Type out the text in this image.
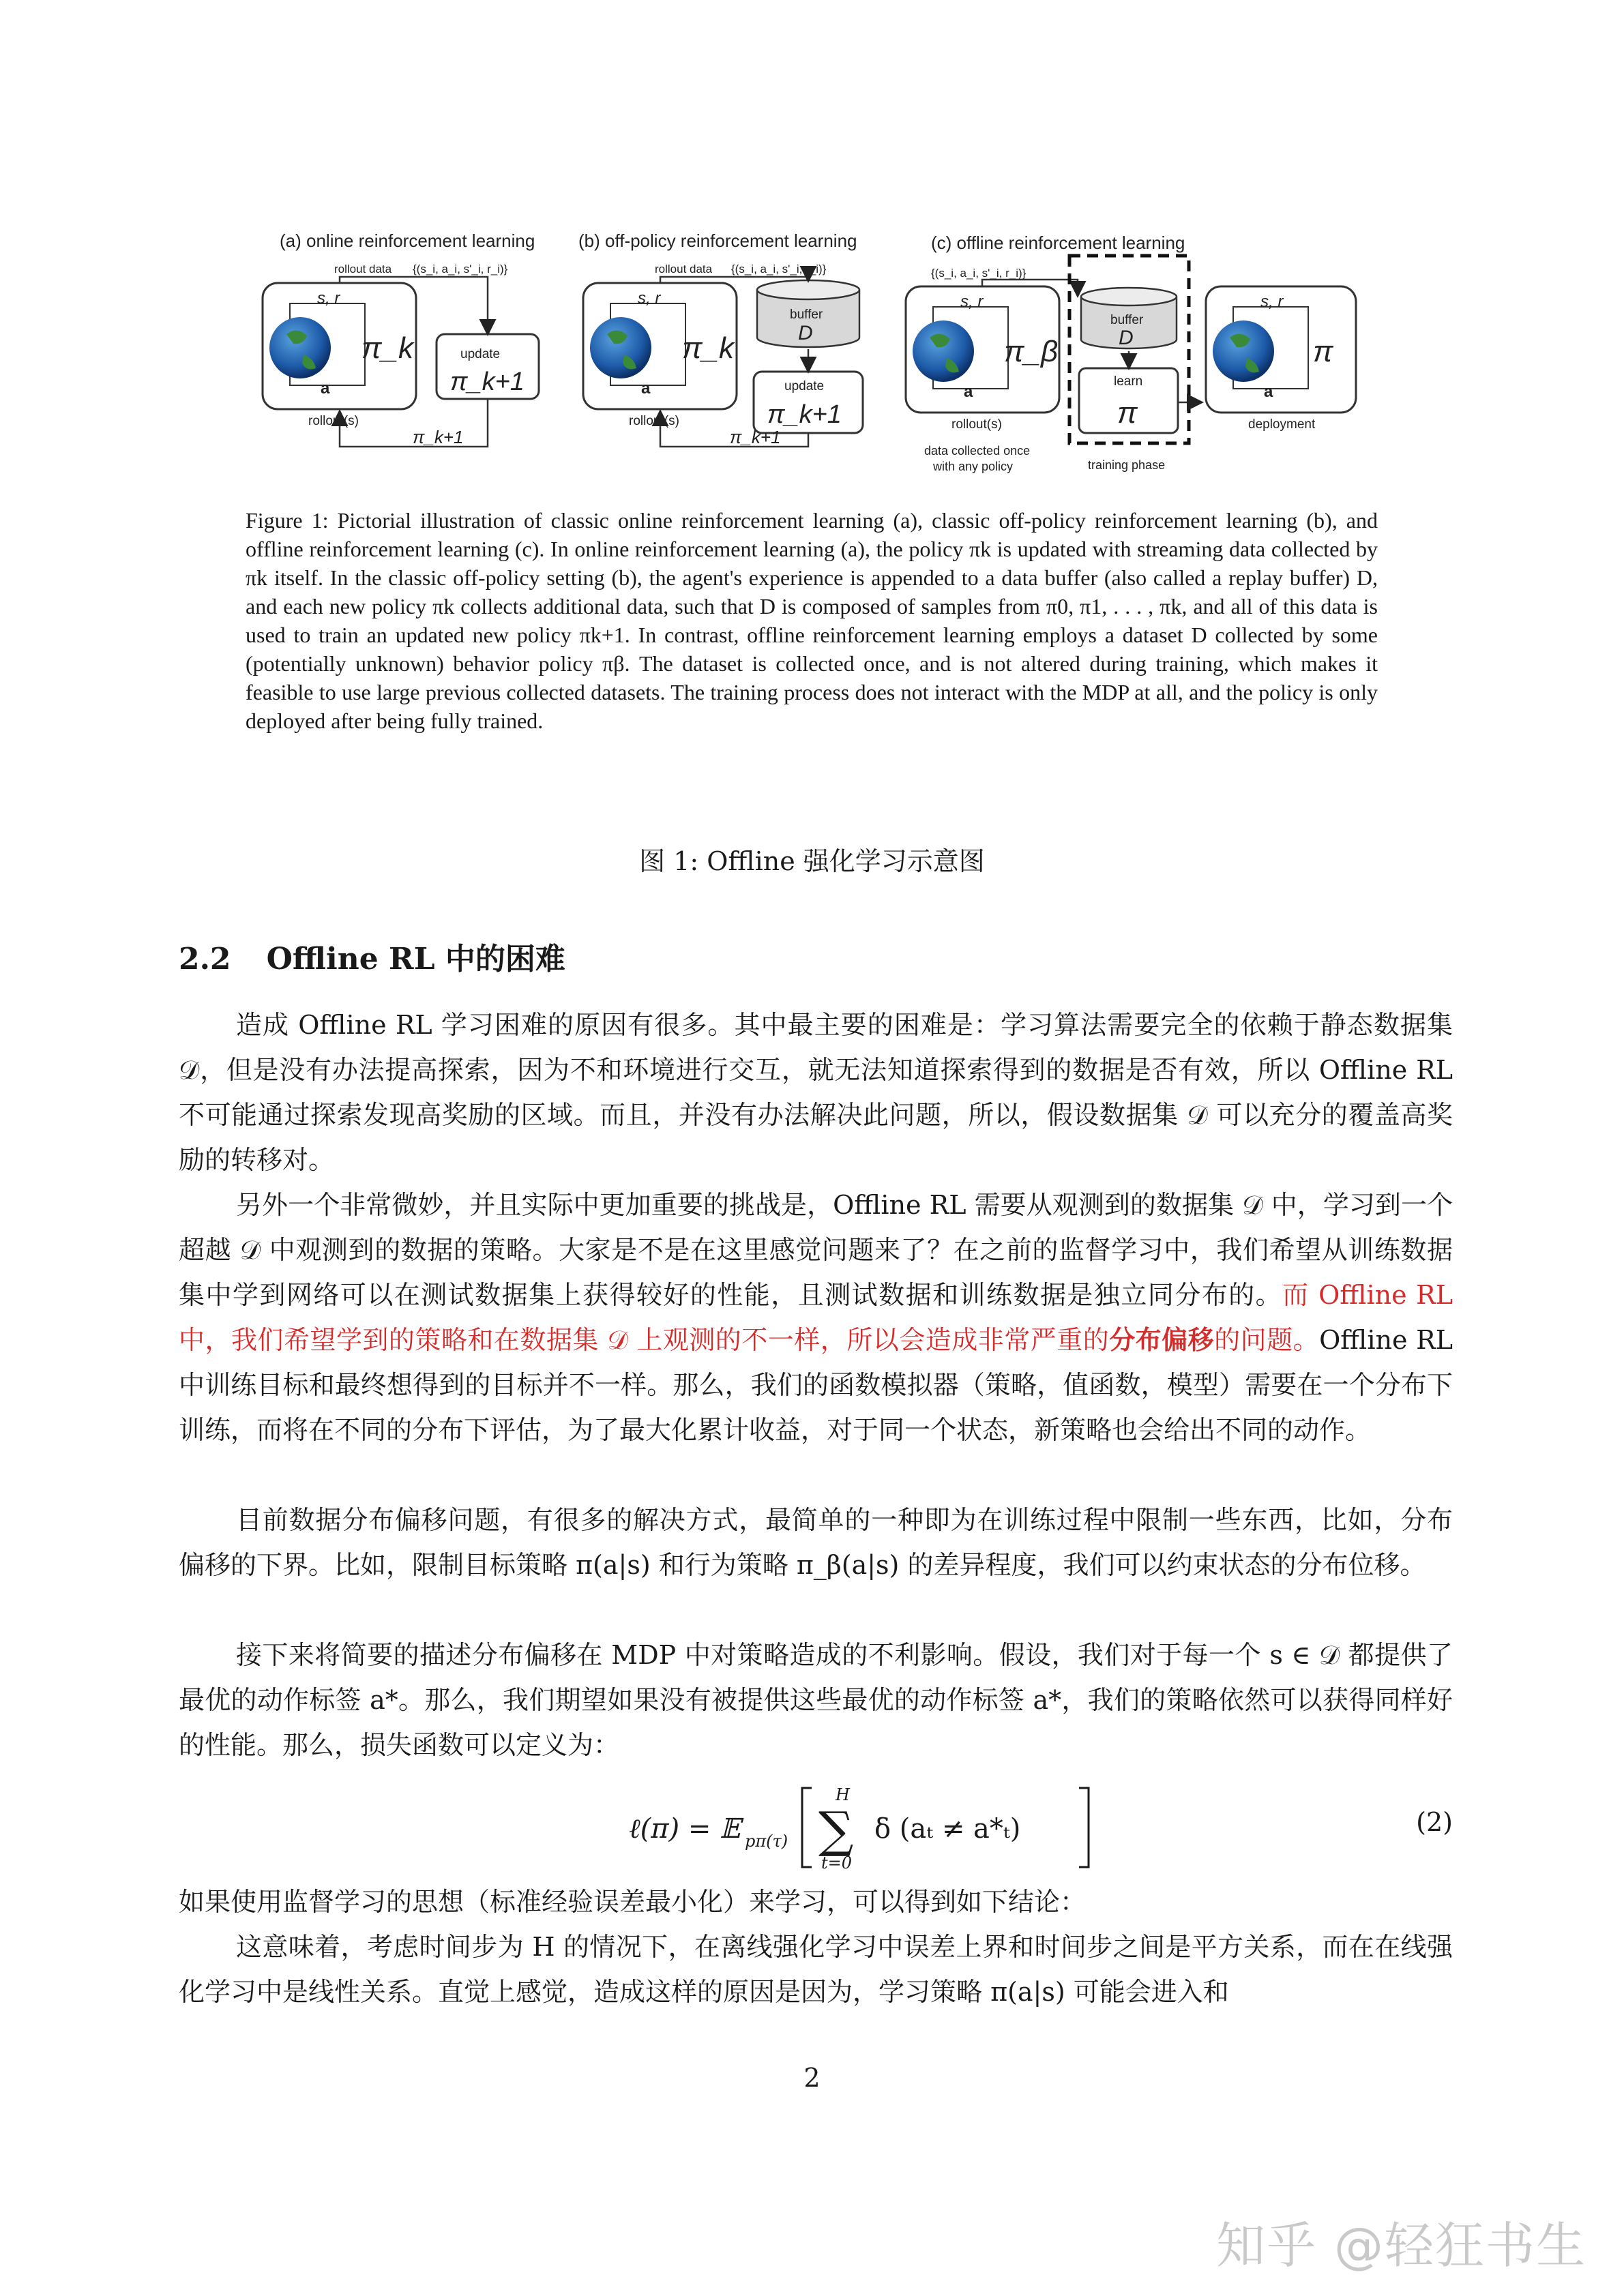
(a) online reinforcement learning
rollout data {(s_i, a_i, s'_i, r_i)}
s, r
a
π_k
rollout(s)
update
π_k+1
π_k+1
(b) off-policy reinforcement learning
rollout data {(s_i, a_i, s'_i, r_i)}
s, r
a
π_k
rollout(s)
buffer
D
update
π_k+1
π_k+1
(c) offline reinforcement learning
{(s_i, a_i, s'_i, r_i)}
s, r
a
π_β
rollout(s)
data collected once
with any policy
buffer
D
learn
π
training phase
s, r
a
π
deployment
Figure 1: Pictorial illustration of classic online reinforcement learning (a), classic off-policy reinforcement learning (b), and offline reinforcement learning (c). In online reinforcement learning (a), the policy πk is updated with streaming data collected by πk itself. In the classic off-policy setting (b), the agent's experience is appended to a data buffer (also called a replay buffer) D, and each new policy πk collects additional data, such that D is composed of samples from π0, π1, . . . , πk, and all of this data is used to train an updated new policy πk+1. In contrast, offline reinforcement learning employs a dataset D collected by some (potentially unknown) behavior policy πβ. The dataset is collected once, and is not altered during training, which makes it feasible to use large previous collected datasets. The training process does not interact with the MDP at all, and the policy is only deployed after being fully trained.
图 1: Offline 强化学习示意图
2.2 Offline RL 中的困难

造成 Offline RL 学习困难的原因有很多。其中最主要的困难是：学习算法需要完全的依赖于静态数据集 𝒟，但是没有办法提高探索，因为不和环境进行交互，就无法知道探索得到的数据是否有效，所以 Offline RL 不可能通过探索发现高奖励的区域。而且，并没有办法解决此问题，所以，假设数据集 𝒟 可以充分的覆盖高奖励的转移对。

另外一个非常微妙，并且实际中更加重要的挑战是，Offline RL 需要从观测到的数据集 𝒟 中，学习到一个超越 𝒟 中观测到的数据的策略。大家是不是在这里感觉问题来了？在之前的监督学习中，我们希望从训练数据集中学到网络可以在测试数据集上获得较好的性能，且测试数据和训练数据是独立同分布的。而 Offline RL 中，我们希望学到的策略和在数据集 𝒟 上观测的不一样，所以会造成非常严重的分布偏移的问题。Offline RL 中训练目标和最终想得到的目标并不一样。那么，我们的函数模拟器（策略，值函数，模型）需要在一个分布下训练，而将在不同的分布下评估，为了最大化累计收益，对于同一个状态，新策略也会给出不同的动作。

目前数据分布偏移问题，有很多的解决方式，最简单的一种即为在训练过程中限制一些东西，比如，分布偏移的下界。比如，限制目标策略 π(a|s) 和行为策略 π_β(a|s) 的差异程度，我们可以约束状态的分布位移。

接下来将简要的描述分布偏移在 MDP 中对策略造成的不利影响。假设，我们对于每一个 s ∈ 𝒟 都提供了最优的动作标签 a*。那么，我们期望如果没有被提供这些最优的动作标签 a*，我们的策略依然可以获得同样好的性能。那么，损失函数可以定义为：

ℓ(π) = 𝔼 pπ(τ)
H
∑
t=0
δ (aₜ ≠ a*ₜ)	(2)

如果使用监督学习的思想（标准经验误差最小化）来学习，可以得到如下结论：

这意味着，考虑时间步为 H 的情况下，在离线强化学习中误差上界和时间步之间是平方关系，而在在线强化学习中是线性关系。直觉上感觉，造成这样的原因是因为，学习策略 π(a|s) 可能会进入和

2
知乎 @轻狂书生
